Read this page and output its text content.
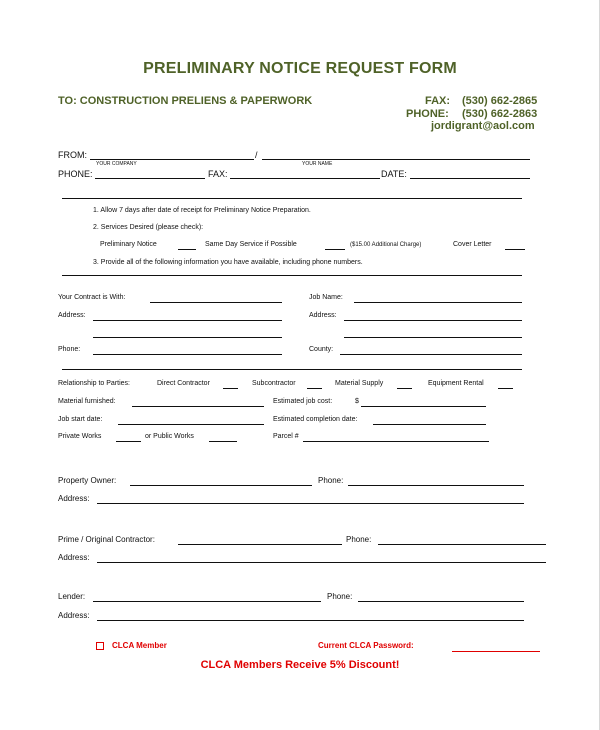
PRELIMINARY NOTICE REQUEST FORM
TO: CONSTRUCTION PRELIENS & PAPERWORK	FAX: (530) 662-2865
PHONE: (530) 662-2863
jordigrant@aol.com
FROM:	/
YOUR COMPANY	YOUR NAME
PHONE:	FAX:	DATE:
1. Allow 7 days after date of receipt for Preliminary Notice Preparation.
2. Services Desired (please check):
Preliminary Notice	Same Day Service if Possible	($15.00 Additional Charge)	Cover Letter
3. Provide all of the following information you have available, including phone numbers.
Your Contract is With:	Job Name:
Address:	Address:
Phone:	County:
Relationship to Parties:	Direct Contractor	Subcontractor	Material Supply	Equipment Rental
Material furnished:	Estimated job cost:	$
Job start date:	Estimated completion date:
Private Works	or Public Works	Parcel #
Property Owner:	Phone:
Address:
Prime / Original Contractor:	Phone:
Address:
Lender:	Phone:
Address:
CLCA Member	Current CLCA Password:
CLCA Members Receive 5% Discount!
